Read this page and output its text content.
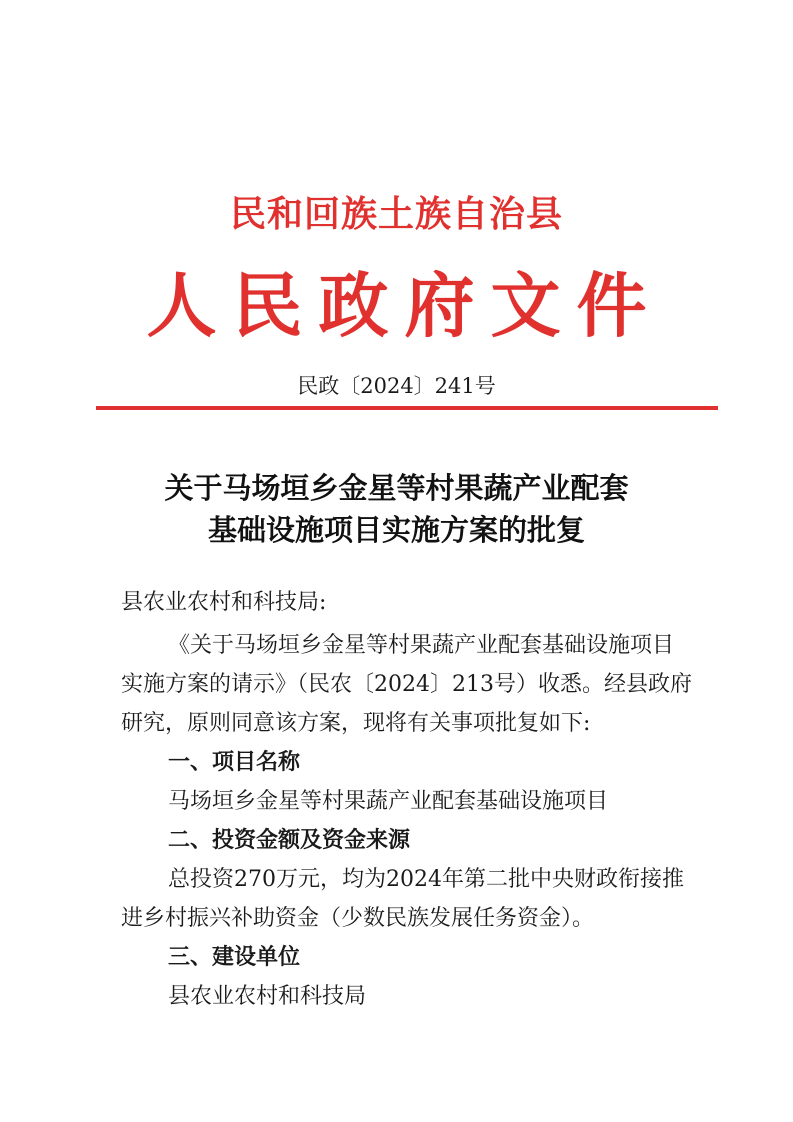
民和回族土族自治县
人民政府文件
民政〔2024〕241号
关于马场垣乡金星等村果蔬产业配套
基础设施项目实施方案的批复
县农业农村和科技局:
《关于马场垣乡金星等村果蔬产业配套基础设施项目
实施方案的请示》（民农〔2024〕213号）收悉。经县政府
研究，原则同意该方案，现将有关事项批复如下:
一、项目名称
马场垣乡金星等村果蔬产业配套基础设施项目
二、投资金额及资金来源
总投资270万元，均为2024年第二批中央财政衔接推
进乡村振兴补助资金（少数民族发展任务资金）。
三、建设单位
县农业农村和科技局
